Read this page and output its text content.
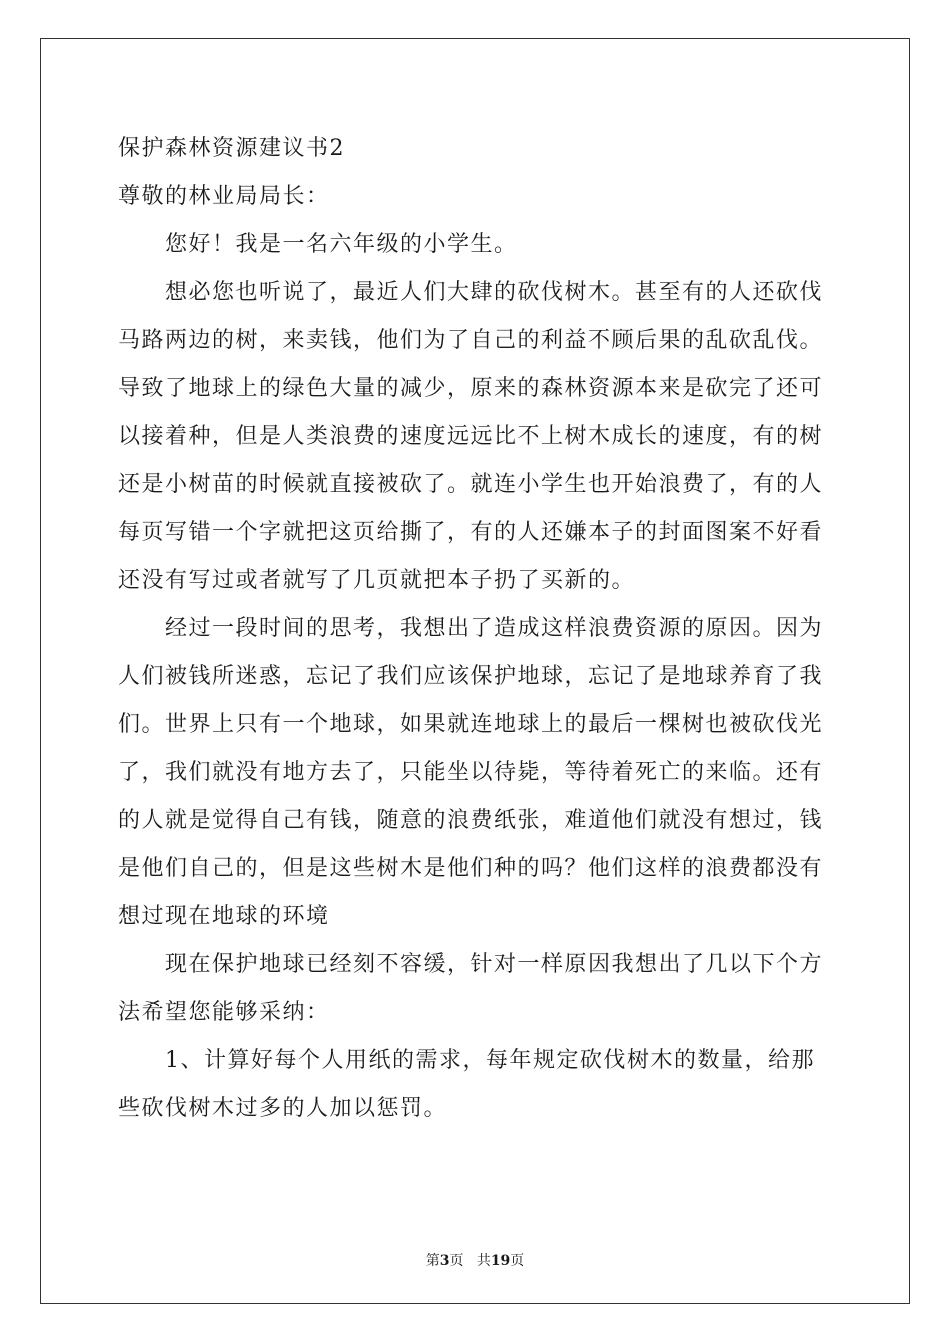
保护森林资源建议书2
尊敬的林业局局长：

　　您好！我是一名六年级的小学生。

　　想必您也听说了，最近人们大肆的砍伐树木。甚至有的人还砍伐
马路两边的树，来卖钱，他们为了自己的利益不顾后果的乱砍乱伐。
导致了地球上的绿色大量的减少，原来的森林资源本来是砍完了还可
以接着种，但是人类浪费的速度远远比不上树木成长的速度，有的树
还是小树苗的时候就直接被砍了。就连小学生也开始浪费了，有的人
每页写错一个字就把这页给撕了，有的人还嫌本子的封面图案不好看
还没有写过或者就写了几页就把本子扔了买新的。

　　经过一段时间的思考，我想出了造成这样浪费资源的原因。因为
人们被钱所迷惑，忘记了我们应该保护地球，忘记了是地球养育了我
们。世界上只有一个地球，如果就连地球上的最后一棵树也被砍伐光
了，我们就没有地方去了，只能坐以待毙，等待着死亡的来临。还有
的人就是觉得自己有钱，随意的浪费纸张，难道他们就没有想过，钱
是他们自己的，但是这些树木是他们种的吗？他们这样的浪费都没有
想过现在地球的环境

　　现在保护地球已经刻不容缓，针对一样原因我想出了几以下个方
法希望您能够采纳：

　　1、计算好每个人用纸的需求，每年规定砍伐树木的数量，给那
些砍伐树木过多的人加以惩罚。

第3页 共19页
